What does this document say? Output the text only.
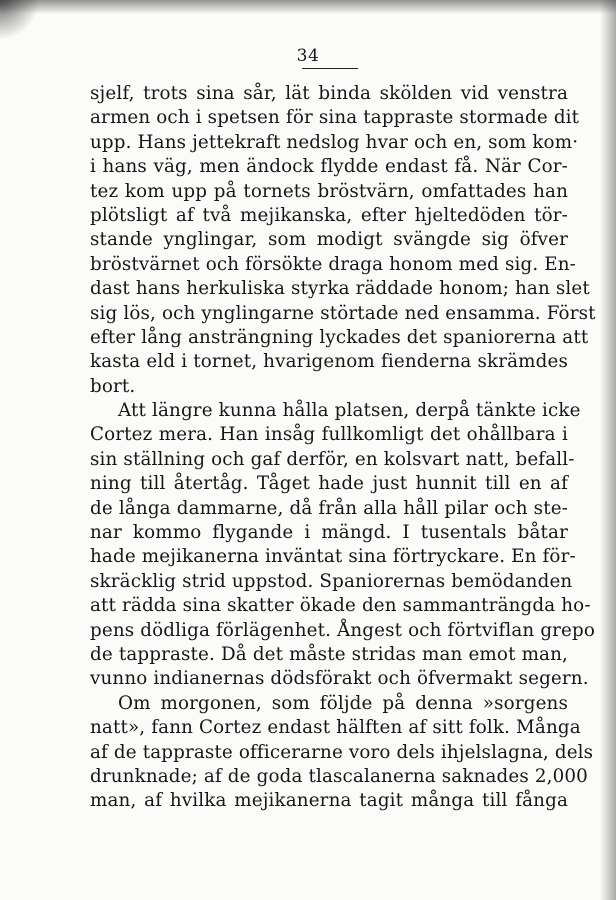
34
sjelf, trots sina sår, lät binda skölden vid venstra
armen och i spetsen för sina tappraste stormade dit
upp. Hans jettekraft nedslog hvar och en, som kom·
i hans väg, men ändock flydde endast få. När Cor-
tez kom upp på tornets bröstvärn, omfattades han
plötsligt af två mejikanska, efter hjeltedöden tör-
stande ynglingar, som modigt svängde sig öfver
bröstvärnet och försökte draga honom med sig. En-
dast hans herkuliska styrka räddade honom; han slet
sig lös, och ynglingarne störtade ned ensamma. Först
efter lång ansträngning lyckades det spaniorerna att
kasta eld i tornet, hvarigenom fienderna skrämdes
bort.
Att längre kunna hålla platsen, derpå tänkte icke
Cortez mera. Han insåg fullkomligt det ohållbara i
sin ställning och gaf derför, en kolsvart natt, befall-
ning till återtåg. Tåget hade just hunnit till en af
de långa dammarne, då från alla håll pilar och ste-
nar kommo flygande i mängd. I tusentals båtar
hade mejikanerna inväntat sina förtryckare. En för-
skräcklig strid uppstod. Spaniorernas bemödanden
att rädda sina skatter ökade den sammanträngda ho-
pens dödliga förlägenhet. Ångest och förtviflan grepo
de tappraste. Då det måste stridas man emot man,
vunno indianernas dödsförakt och öfvermakt segern.
Om morgonen, som följde på denna »sorgens
natt», fann Cortez endast hälften af sitt folk. Många
af de tappraste officerarne voro dels ihjelslagna, dels
drunknade; af de goda tlascalanerna saknades 2,000
man, af hvilka mejikanerna tagit många till fånga
